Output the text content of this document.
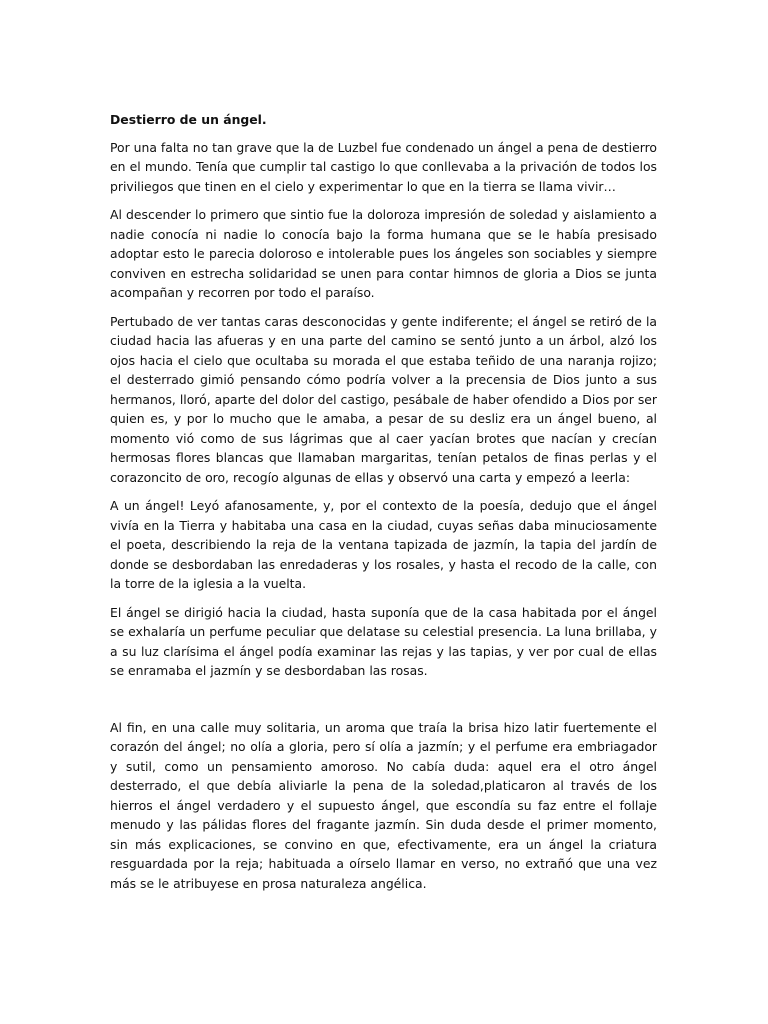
Destierro de un ángel.

Por una falta no tan grave que la de Luzbel fue condenado un ángel a pena de destierro en el mundo. Tenía que cumplir tal castigo lo que conllevaba a la privación de todos los priviliegos que tinen en el cielo y experimentar lo que en la tierra se llama vivir…

Al descender lo primero que sintio fue la doloroza impresión de soledad y aislamiento a nadie conocía ni nadie lo conocía bajo la forma humana que se le había presisado adoptar esto le parecia doloroso e intolerable pues los ángeles son sociables y siempre conviven en estrecha solidaridad se unen para contar himnos de gloria a Dios se junta acompañan y recorren por todo el paraíso.

Pertubado de ver tantas caras desconocidas y gente indiferente; el ángel se retiró de la ciudad hacia las afueras y en una parte del camino se sentó junto a un árbol, alzó los ojos hacia el cielo que ocultaba su morada el que estaba teñido de una naranja rojizo; el desterrado gimió pensando cómo podría volver a la precensia de Dios junto a sus hermanos, lloró, aparte del dolor del castigo, pesábale de haber ofendido a Dios por ser quien es, y por lo mucho que le amaba, a pesar de su desliz era un ángel bueno, al momento vió como de sus lágrimas que al caer yacían brotes que nacían y crecían hermosas flores blancas que llamaban margaritas, tenían petalos de finas perlas y el corazoncito de oro, recogío algunas de ellas y observó una carta y empezó a leerla:

A un ángel! Leyó afanosamente, y, por el contexto de la poesía, dedujo que el ángel vivía en la Tierra y habitaba una casa en la ciudad, cuyas señas daba minuciosamente el poeta, describiendo la reja de la ventana tapizada de jazmín, la tapia del jardín de donde se desbordaban las enredaderas y los rosales, y hasta el recodo de la calle, con la torre de la iglesia a la vuelta.

El ángel se dirigió hacia la ciudad, hasta suponía que de la casa habitada por el ángel se exhalaría un perfume peculiar que delatase su celestial presencia. La luna brillaba, y a su luz clarísima el ángel podía examinar las rejas y las tapias, y ver por cual de ellas se enramaba el jazmín y se desbordaban las rosas.

Al fin, en una calle muy solitaria, un aroma que traía la brisa hizo latir fuertemente el corazón del ángel; no olía a gloria, pero sí olía a jazmín; y el perfume era embriagador y sutil, como un pensamiento amoroso. No cabía duda: aquel era el otro ángel desterrado, el que debía aliviarle la pena de la soledad,platicaron al través de los hierros el ángel verdadero y el supuesto ángel, que escondía su faz entre el follaje menudo y las pálidas flores del fragante jazmín. Sin duda desde el primer momento, sin más explicaciones, se convino en que, efectivamente, era un ángel la criatura resguardada por la reja; habituada a oírselo llamar en verso, no extrañó que una vez más se le atribuyese en prosa naturaleza angélica.
